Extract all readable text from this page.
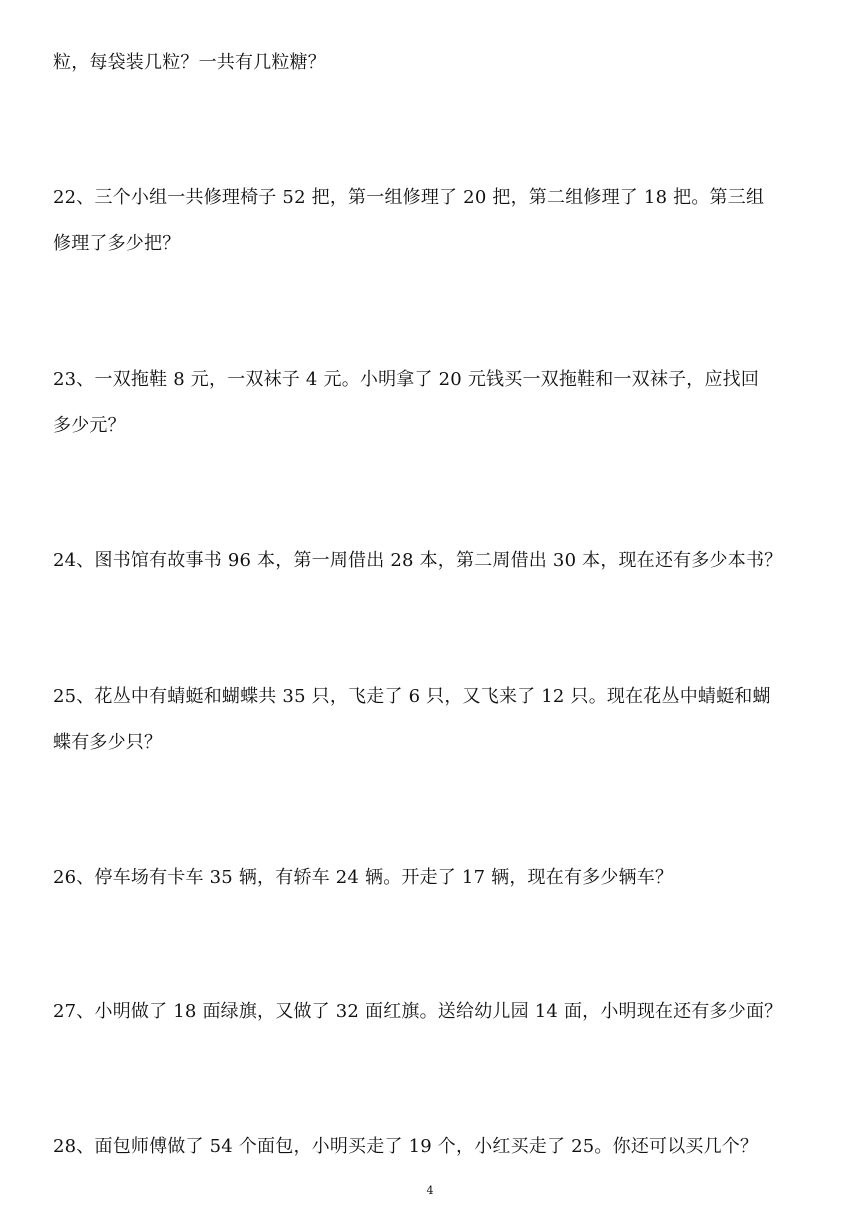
粒，每袋装几粒？一共有几粒糖？

22、三个小组一共修理椅子 52 把，第一组修理了 20 把，第二组修理了 18 把。第三组

修理了多少把？

23、一双拖鞋 8 元，一双袜子 4 元。小明拿了 20 元钱买一双拖鞋和一双袜子，应找回

多少元？

24、图书馆有故事书 96 本，第一周借出 28 本，第二周借出 30 本，现在还有多少本书？

25、花丛中有蜻蜓和蝴蝶共 35 只，飞走了 6 只，又飞来了 12 只。现在花丛中蜻蜓和蝴

蝶有多少只？

26、停车场有卡车 35 辆，有轿车 24 辆。开走了 17 辆，现在有多少辆车？

27、小明做了 18 面绿旗，又做了 32 面红旗。送给幼儿园 14 面，小明现在还有多少面？

28、面包师傅做了 54 个面包，小明买走了 19 个，小红买走了 25。你还可以买几个？

4
